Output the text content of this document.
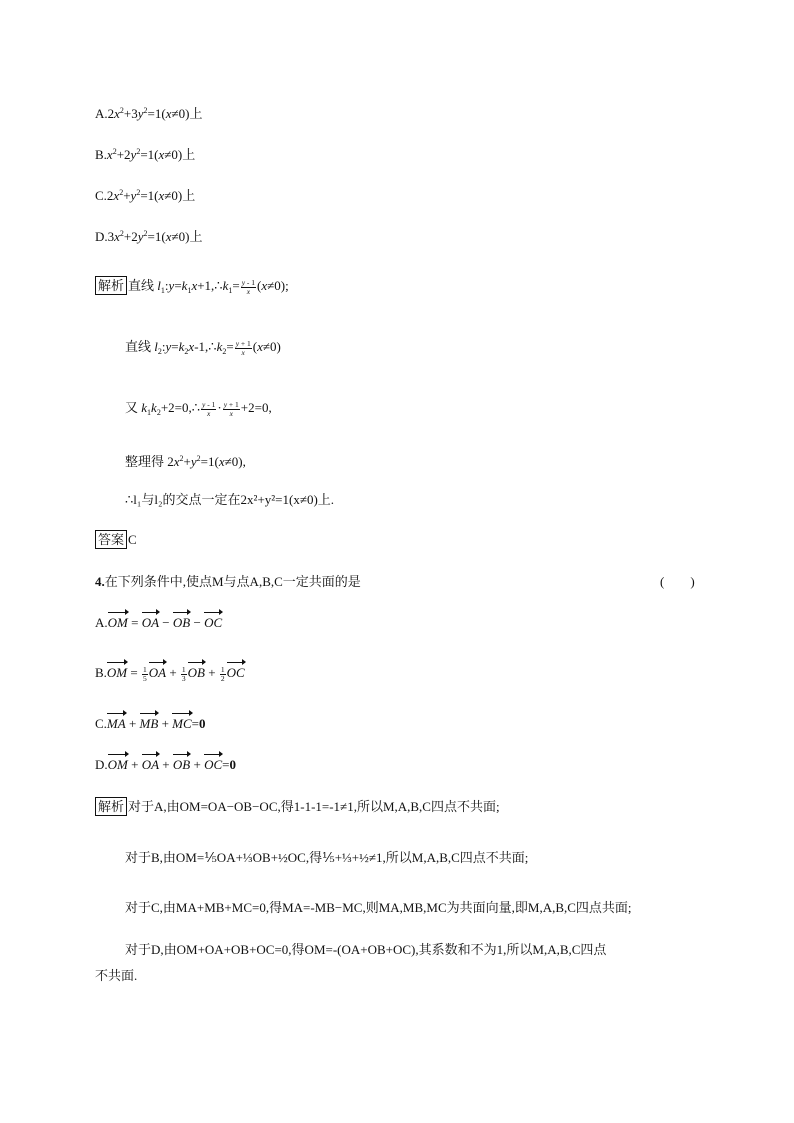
$A.2x^2+3y^2=1(x\ne 0)$上
$B.x^2+2y^2=1(x\ne 0)$上
$C.2x^2+y^2=1(x\ne 0)$上
$D.3x^2+2y^2=1(x\ne 0)$上
解析 直线 $l_1:y=k_1x+1,\therefore k_1= \frac{y - 1}{x} (x\ne 0)$;
直线 $l_2:y=k_2x-1,\therefore k_2= \frac{y + 1}{x} (x\ne 0)$
又 $k_1k_2+2=0,\therefore \frac{y - 1}{x} \cdot \frac{y + 1}{x} +2=0$,
整理得 $2x^2+y^2=1(x\ne 0)$,
∴l₁与l₂的交点一定在2x²+y²=1(x≠0)上.
答案 C
4.在下列条件中,使点M与点A,B,C一定共面的是	(　　)
A.OM = OA − OB − OC
$B.OM = \frac{1}{5}$ OA + $\frac{1}{3}$ OB + $\frac{1}{2}$ OC
C.MA + MB + MC=0
D.OM + OA + OB + OC=0
解析 对于A,由OM=OA−OB−OC,得1-1-1=-1≠1,所以M,A,B,C四点不共面;
对于B,由OM=⅕OA+⅓OB+½OC,得⅕+⅓+½≠1,所以M,A,B,C四点不共面;
对于C,由MA+MB+MC=0,得MA=-MB−MC,则MA,MB,MC为共面向量,即M,A,B,C四点共面;
对于D,由OM+OA+OB+OC=0,得OM=-(OA+OB+OC),其系数和不为1,所以M,A,B,C四点
不共面.
